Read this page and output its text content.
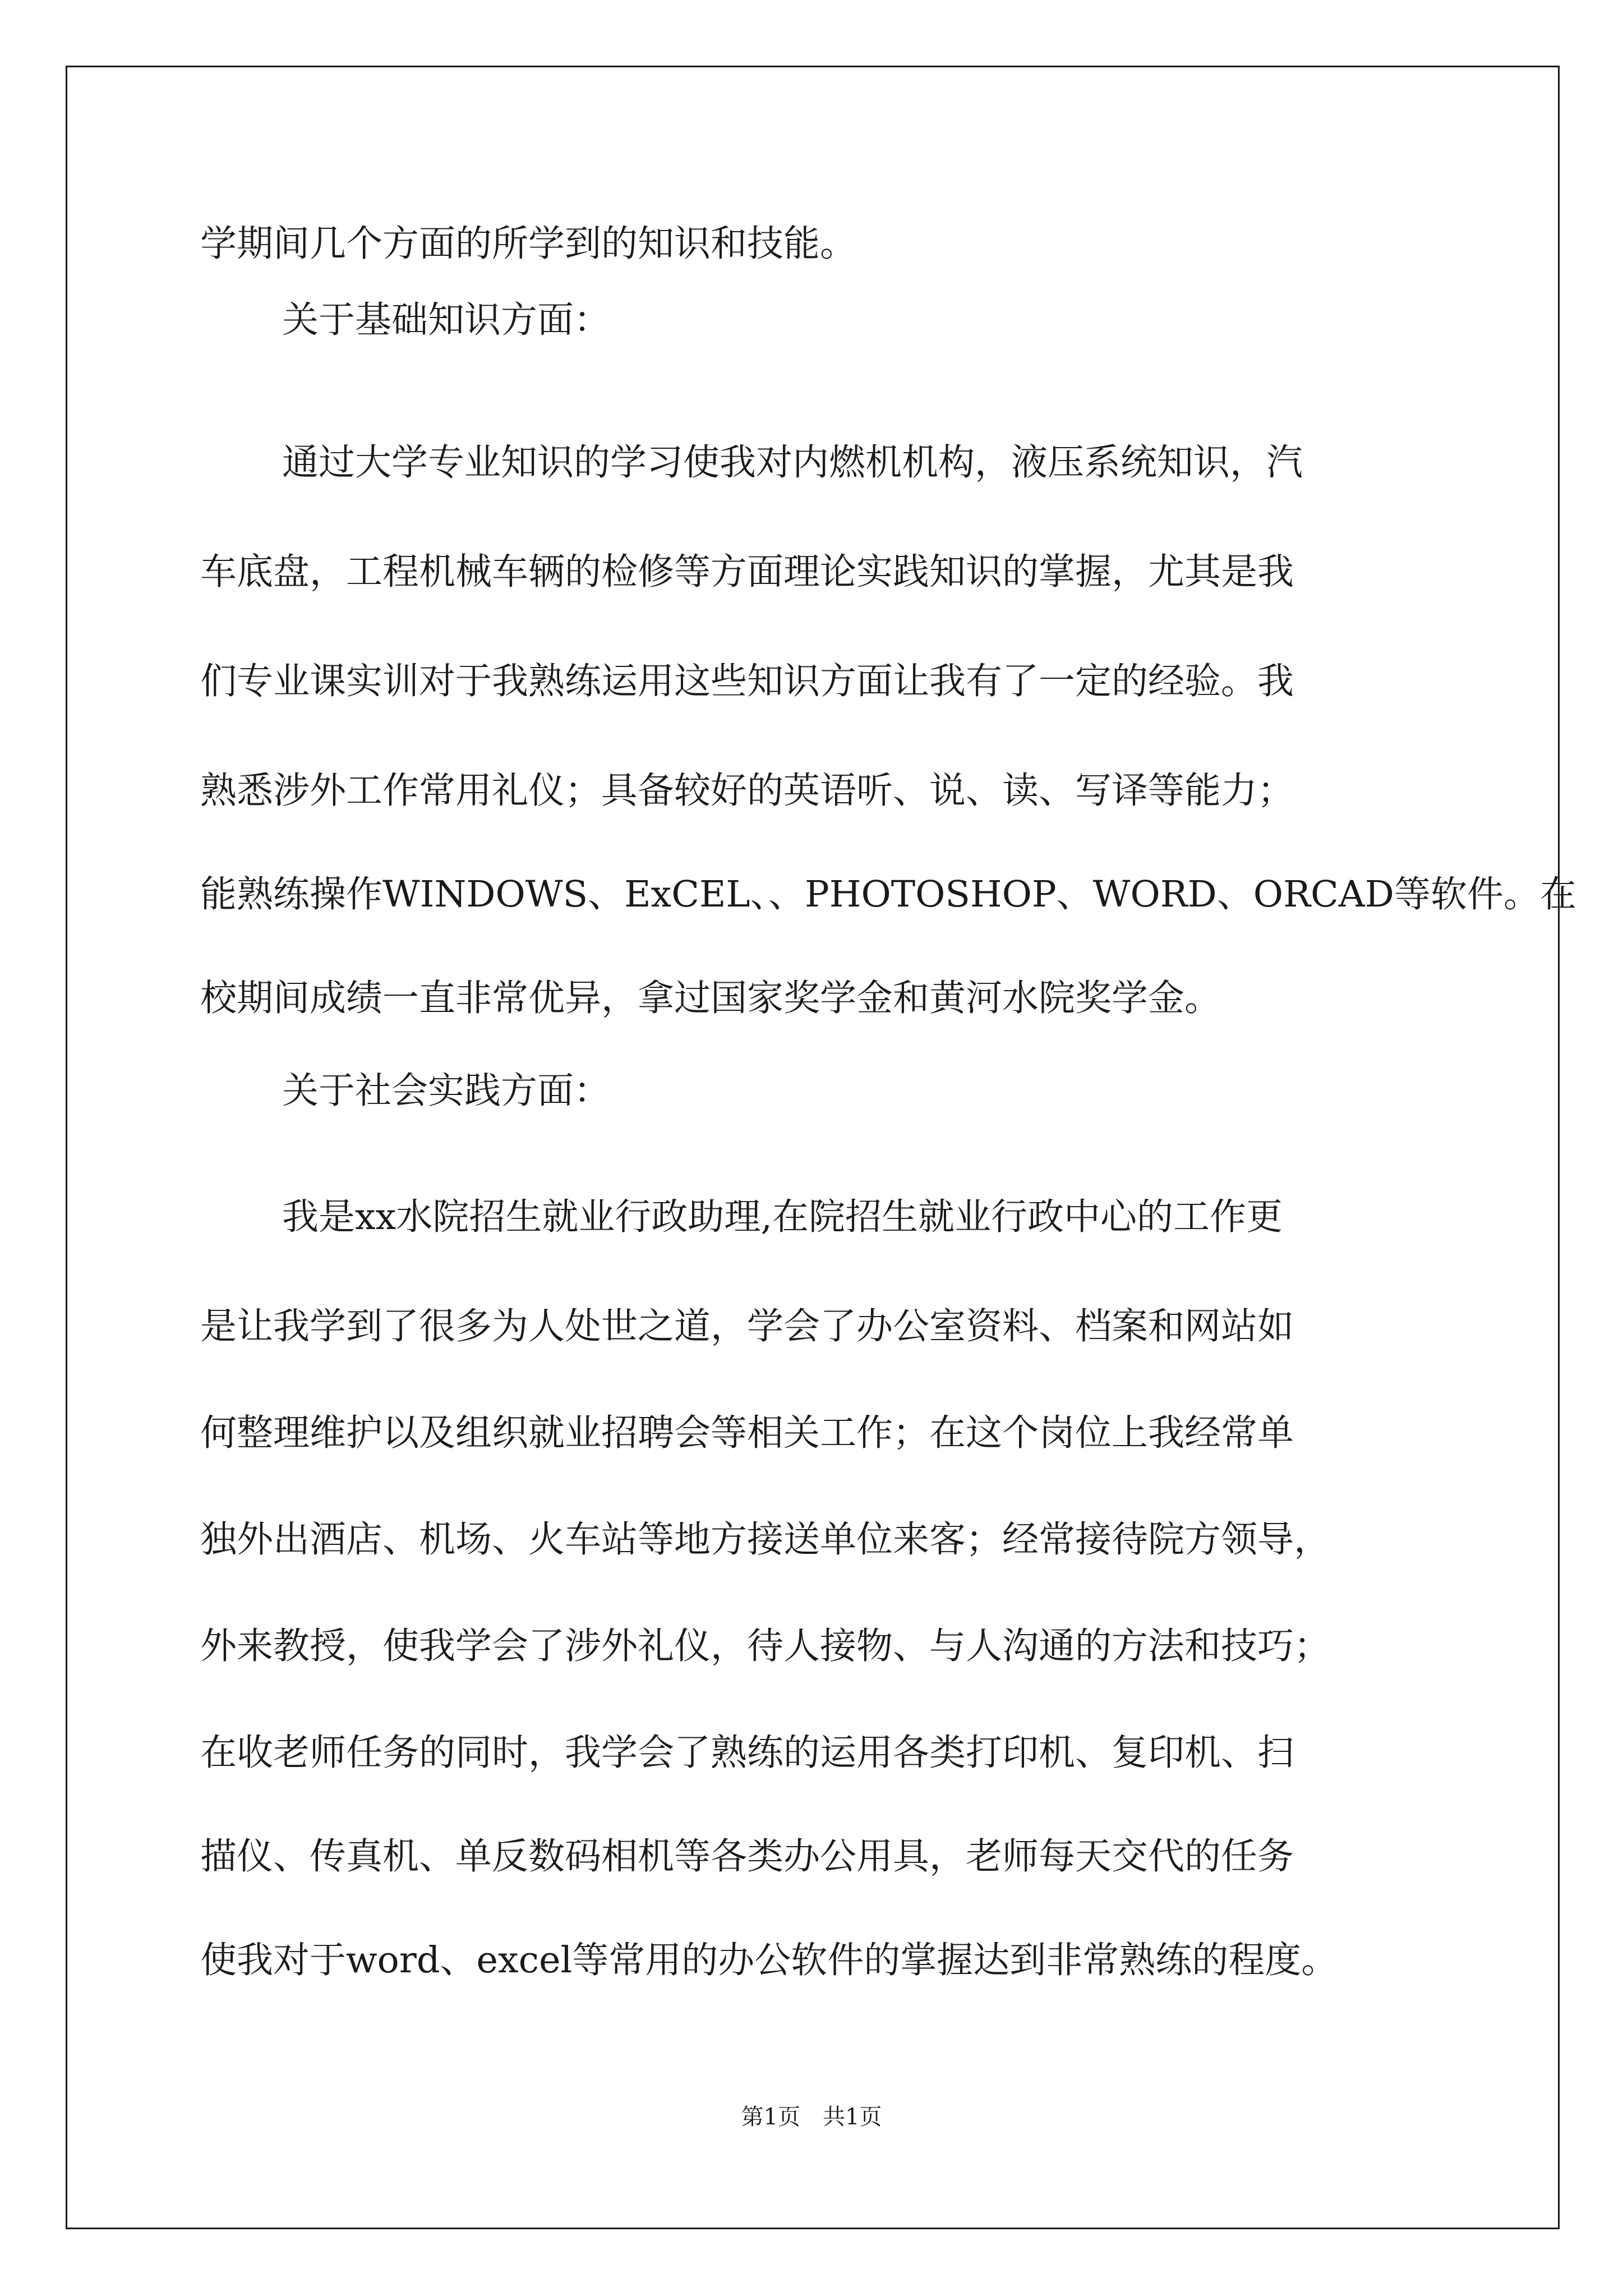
学期间几个方面的所学到的知识和技能。
关于基础知识方面：
通过大学专业知识的学习使我对内燃机机构，液压系统知识，汽
车底盘，工程机械车辆的检修等方面理论实践知识的掌握，尤其是我
们专业课实训对于我熟练运用这些知识方面让我有了一定的经验。我
熟悉涉外工作常用礼仪；具备较好的英语听、说、读、写译等能力；
能熟练操作WINDOWS、ExCEL、、PHOTOSHOP、WORD、ORCAD等软件。在
校期间成绩一直非常优异，拿过国家奖学金和黄河水院奖学金。
关于社会实践方面：
我是xx水院招生就业行政助理,在院招生就业行政中心的工作更
是让我学到了很多为人处世之道，学会了办公室资料、档案和网站如
何整理维护以及组织就业招聘会等相关工作；在这个岗位上我经常单
独外出酒店、机场、火车站等地方接送单位来客；经常接待院方领导，
外来教授，使我学会了涉外礼仪，待人接物、与人沟通的方法和技巧；
在收老师任务的同时，我学会了熟练的运用各类打印机、复印机、扫
描仪、传真机、单反数码相机等各类办公用具，老师每天交代的任务
使我对于word、excel等常用的办公软件的掌握达到非常熟练的程度。
第1页 共1页
